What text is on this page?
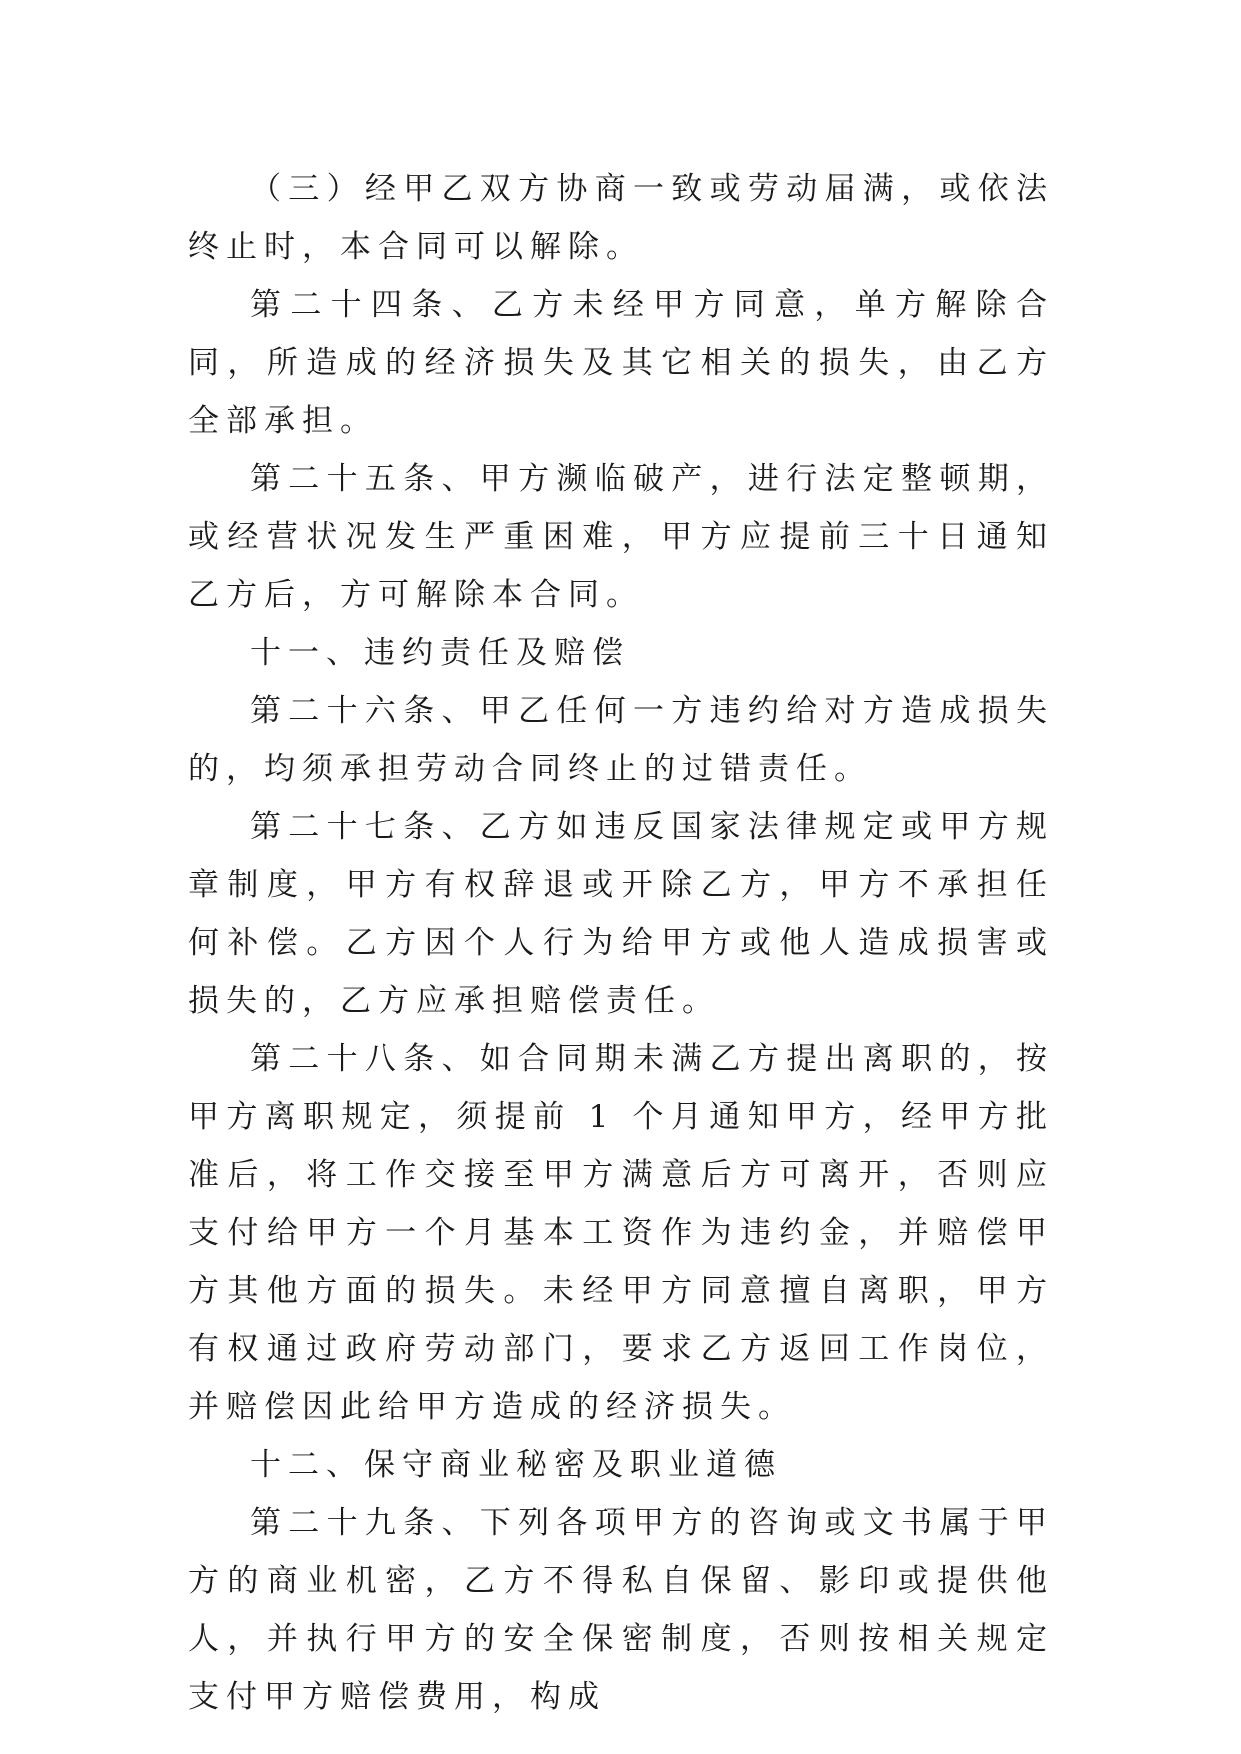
（三）经甲乙双方协商一致或劳动届满，或依法终止时，本合同可以解除。

第二十四条、乙方未经甲方同意，单方解除合同，所造成的经济损失及其它相关的损失，由乙方全部承担。

第二十五条、甲方濒临破产，进行法定整顿期，或经营状况发生严重困难，甲方应提前三十日通知乙方后，方可解除本合同。

十一、违约责任及赔偿

第二十六条、甲乙任何一方违约给对方造成损失的，均须承担劳动合同终止的过错责任。

第二十七条、乙方如违反国家法律规定或甲方规章制度，甲方有权辞退或开除乙方，甲方不承担任何补偿。乙方因个人行为给甲方或他人造成损害或损失的，乙方应承担赔偿责任。

第二十八条、如合同期未满乙方提出离职的，按甲方离职规定，须提前 1 个月通知甲方，经甲方批准后，将工作交接至甲方满意后方可离开，否则应支付给甲方一个月基本工资作为违约金，并赔偿甲方其他方面的损失。未经甲方同意擅自离职，甲方有权通过政府劳动部门，要求乙方返回工作岗位，并赔偿因此给甲方造成的经济损失。

十二、保守商业秘密及职业道德

第二十九条、下列各项甲方的咨询或文书属于甲方的商业机密，乙方不得私自保留、影印或提供他人，并执行甲方的安全保密制度，否则按相关规定支付甲方赔偿费用，构成
